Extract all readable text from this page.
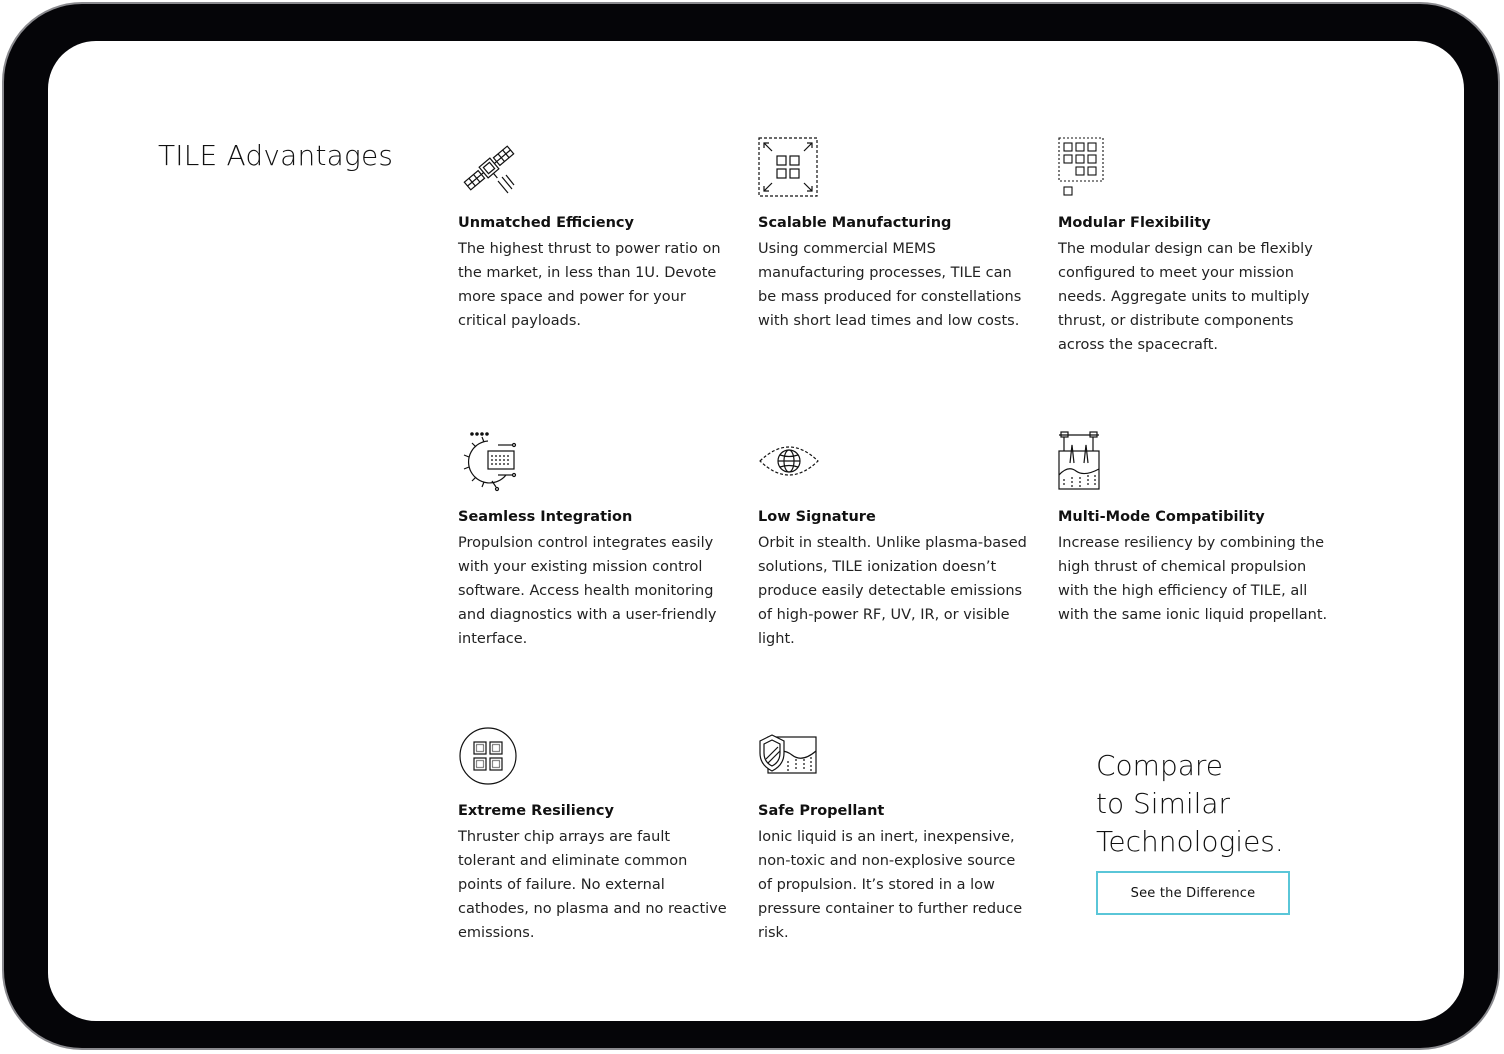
TILE Advantages
Unmatched Efficiency
The highest thrust to power ratio on the market, in less than 1U. Devote more space and power for your critical payloads.
Scalable Manufacturing
Using commercial MEMS manufacturing processes, TILE can be mass produced for constellations with short lead times and low costs.
Modular Flexibility
The modular design can be flexibly configured to meet your mission needs. Aggregate units to multiply thrust, or distribute components across the spacecraft.
Seamless Integration
Propulsion control integrates easily with your existing mission control software. Access health monitoring and diagnostics with a user-friendly interface.
Low Signature
Orbit in stealth. Unlike plasma-based solutions, TILE ionization doesn’t produce easily detectable emissions of high-power RF, UV, IR, or visible light.
Multi-Mode Compatibility
Increase resiliency by combining the high thrust of chemical propulsion with the high efficiency of TILE, all with the same ionic liquid propellant.
Extreme Resiliency
Thruster chip arrays are fault tolerant and eliminate common points of failure. No external cathodes, no plasma and no reactive emissions.
Safe Propellant
Ionic liquid is an inert, inexpensive, non-toxic and non-explosive source of propulsion. It’s stored in a low pressure container to further reduce risk.
Compare
to Similar
Technologies.
See the Difference
